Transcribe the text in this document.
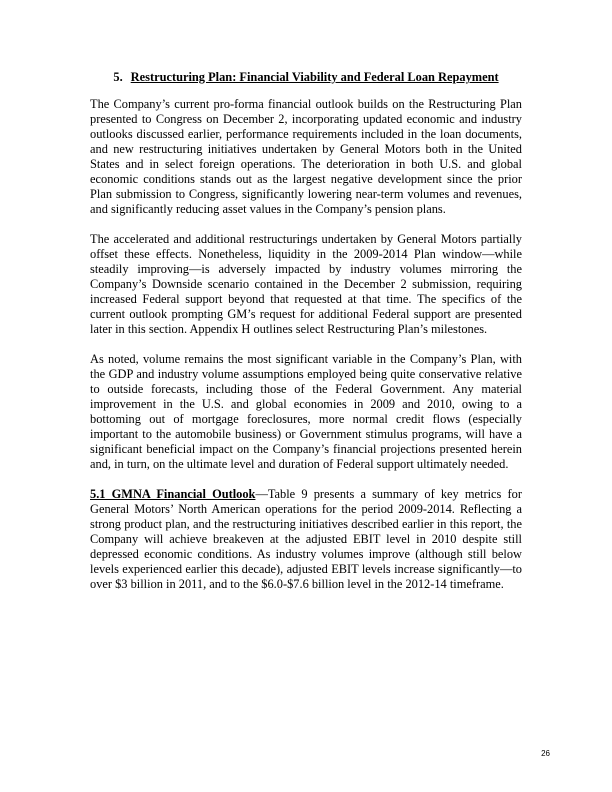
5. Restructuring Plan: Financial Viability and Federal Loan Repayment

The Company’s current pro-forma financial outlook builds on the Restructuring Plan presented to Congress on December 2, incorporating updated economic and industry outlooks discussed earlier, performance requirements included in the loan documents, and new restructuring initiatives undertaken by General Motors both in the United States and in select foreign operations. The deterioration in both U.S. and global economic conditions stands out as the largest negative development since the prior Plan submission to Congress, significantly lowering near-term volumes and revenues, and significantly reducing asset values in the Company’s pension plans.

The accelerated and additional restructurings undertaken by General Motors partially offset these effects. Nonetheless, liquidity in the 2009-2014 Plan window—while steadily improving—is adversely impacted by industry volumes mirroring the Company’s Downside scenario contained in the December 2 submission, requiring increased Federal support beyond that requested at that time. The specifics of the current outlook prompting GM’s request for additional Federal support are presented later in this section. Appendix H outlines select Restructuring Plan’s milestones.

As noted, volume remains the most significant variable in the Company’s Plan, with the GDP and industry volume assumptions employed being quite conservative relative to outside forecasts, including those of the Federal Government. Any material improvement in the U.S. and global economies in 2009 and 2010, owing to a bottoming out of mortgage foreclosures, more normal credit flows (especially important to the automobile business) or Government stimulus programs, will have a significant beneficial impact on the Company’s financial projections presented herein and, in turn, on the ultimate level and duration of Federal support ultimately needed.

5.1 GMNA Financial Outlook—Table 9 presents a summary of key metrics for General Motors’ North American operations for the period 2009-2014. Reflecting a strong product plan, and the restructuring initiatives described earlier in this report, the Company will achieve breakeven at the adjusted EBIT level in 2010 despite still depressed economic conditions. As industry volumes improve (although still below levels experienced earlier this decade), adjusted EBIT levels increase significantly—to over $3 billion in 2011, and to the $6.0-$7.6 billion level in the 2012-14 timeframe.

26
